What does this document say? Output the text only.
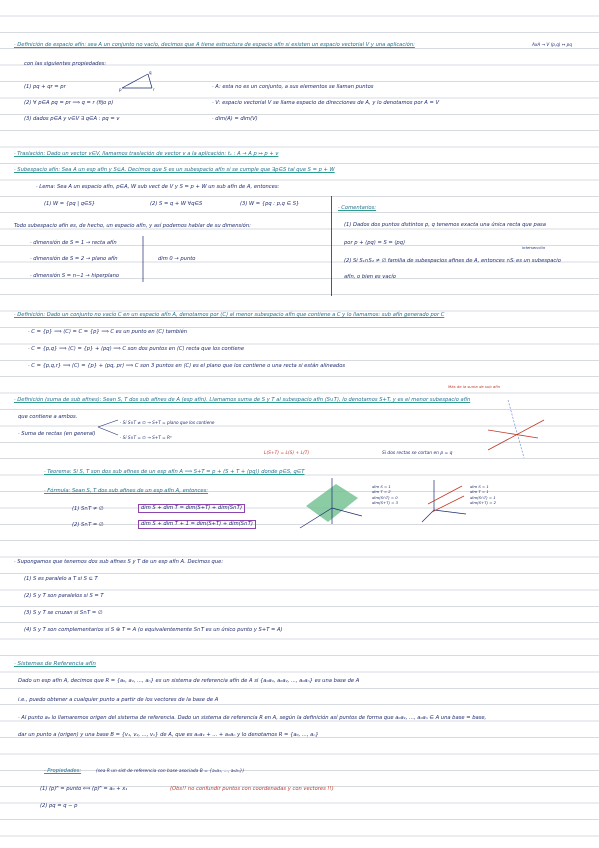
· Definición de espacio afín: sea A un conjunto no vacío, decimos que A tiene estructura de espacio afín si existen un espacio vectorial V y una aplicación:	AxA → V (p,q) ↦ pq
con las siguientes propiedades:
p	r
q
(1) pq + qr = pr
(2) ∀ p∈A pq = pr ⟹ q = r (fijo p)
(3) dados p∈A y v∈V ∃ q∈A : pq = v
· A: esta no es un conjunto, a sus elementos se llaman puntos
· V: espacio vectorial V se llama espacio de direcciones de A, y lo denotamos por A = V
· dim(A) = dim(V)
· Traslación: Dado un vector v∈V, llamamos traslación de vector v a la aplicación: tᵥ : A → A p ↦ p + v
· Subespacio afín: Sea A un esp afín y S⊆A. Decimos que S es un subespacio afín si se cumple que ∃p∈S tal que S = p + W
· Lema: Sea A un espacio afín, p∈A, W sub vect de V y S = p + W un sub afín de A, entonces:
(1) W = {pq | q∈S}	(2) S = q + W ∀q∈S	(3) W = {pq : p,q ∈ S}
Todo subespacio afín es, de hecho, un espacio afín, y así podemos hablar de su dimensión:
· dimensión de S = 1 → recta afín
· dimensión de S = 2 → plano afín
· dimensión S = n−1 → hiperplano
dim 0 → punto
· Comentarios:
(1) Dados dos puntos distintos p, q tenemos exacta una única recta que pasa
por p + ⟨pq⟩ = S = ⟨pq⟩
intersección
(2) Si S₁∩S₂ ≠ ∅ familia de subespacios afines de A, entonces ∩Sᵢ es un subespacio
afín, o bien es vacío
· Definición: Dado un conjunto no vacío C en un espacio afín A, denotamos por ⟨C⟩ al menor subespacio afín que contiene a C y lo llamamos: sub afín generado por C
· C = {p} ⟹ ⟨C⟩ = C = {p} ⟹ C es un punto en ⟨C⟩ también
· C = {p,q} ⟹ ⟨C⟩ = {p} + ⟨pq⟩ ⟹ C son dos puntos en ⟨C⟩ recta que los contiene
· C = {p,q,r} ⟹ ⟨C⟩ = {p} + ⟨pq, pr⟩ ⟹ C son 3 puntos en ⟨C⟩ es el plano que los contiene o una recta si están alineados
Más de la suma de sub afín
· Definición (suma de sub afines): Sean S, T dos sub afines de A (esp afín). Llamamos suma de S y T al subespacio afín ⟨S∪T⟩, lo denotamos S+T, y es el menor subespacio afín
que contiene a ambos.
· Si S∩T ≠ ∅ → S+T = plano que los contiene
· Suma de rectas (en general)
· Si S∩T = ∅ → S+T = R³
L(S+T) = L(S) + L(T)	Si dos rectas se cortan en p = q
· Teorema: Si S, T son dos sub afines de un esp afín A ⟹ S+T = p + (S + T + ⟨pq⟩) donde p∈S, q∈T
· Fórmula: Sean S, T dos sub afines de un esp afín A, entonces:
(1) S∩T ≠ ∅	dim S + dim T = dim(S+T) + dim(S∩T)
(2) S∩T = ∅	dim S + dim T + 1 = dim(S+T) + dim(S∩T)
dim S = 1
dim T = 2
dim(S∩T) = 0
dim(S+T) = 3
dim S = 1
dim T = 1
dim(S∩T) = 1
dim(S+T) = 2
· Supongamos que tenemos dos sub afines S y T de un esp afín A. Decimos que:
(1) S es paralelo a T si S ⊆ T
(2) S y T son paralelos si S = T
(3) S y T se cruzan si S∩T = ∅
(4) S y T son complementarios si S ⊕ T = A (o equivalentemente S∩T es un único punto y S+T = A)
· Sistemas de Referencia afín
Dado un esp afín A, decimos que R = {a₀, a₁, ..., aₙ} es un sistema de referencia afín de A si {a₀a₁, a₀a₂, ..., a₀aₙ} es una base de A
i.e., puedo obtener a cualquier punto a partir de los vectores de la base de A
· Al punto a₀ lo llamaremos origen del sistema de referencia. Dado un sistema de referencia R en A, según la definición así puntos de forma que a₀a₁, ..., a₀aₙ ∈ A una base = base,
dar un punto a (origen) y una base B = {v₁, v₂, ..., vₙ} de A, que es a₀a₁ + ... + a₀aₙ y lo denotamos R = {a₀, ..., aₙ}
· Propiedades:	(sea R un sist de referencia con base asociada B = {a₀a₁, ..., a₀aₙ})
(1) (p)ᴿ = punto ⟺ (p)ᴿ = a₀ + x₁	(Obs!! no confundir puntos con coordenadas y con vectores !!)
(2) pq = q − p
